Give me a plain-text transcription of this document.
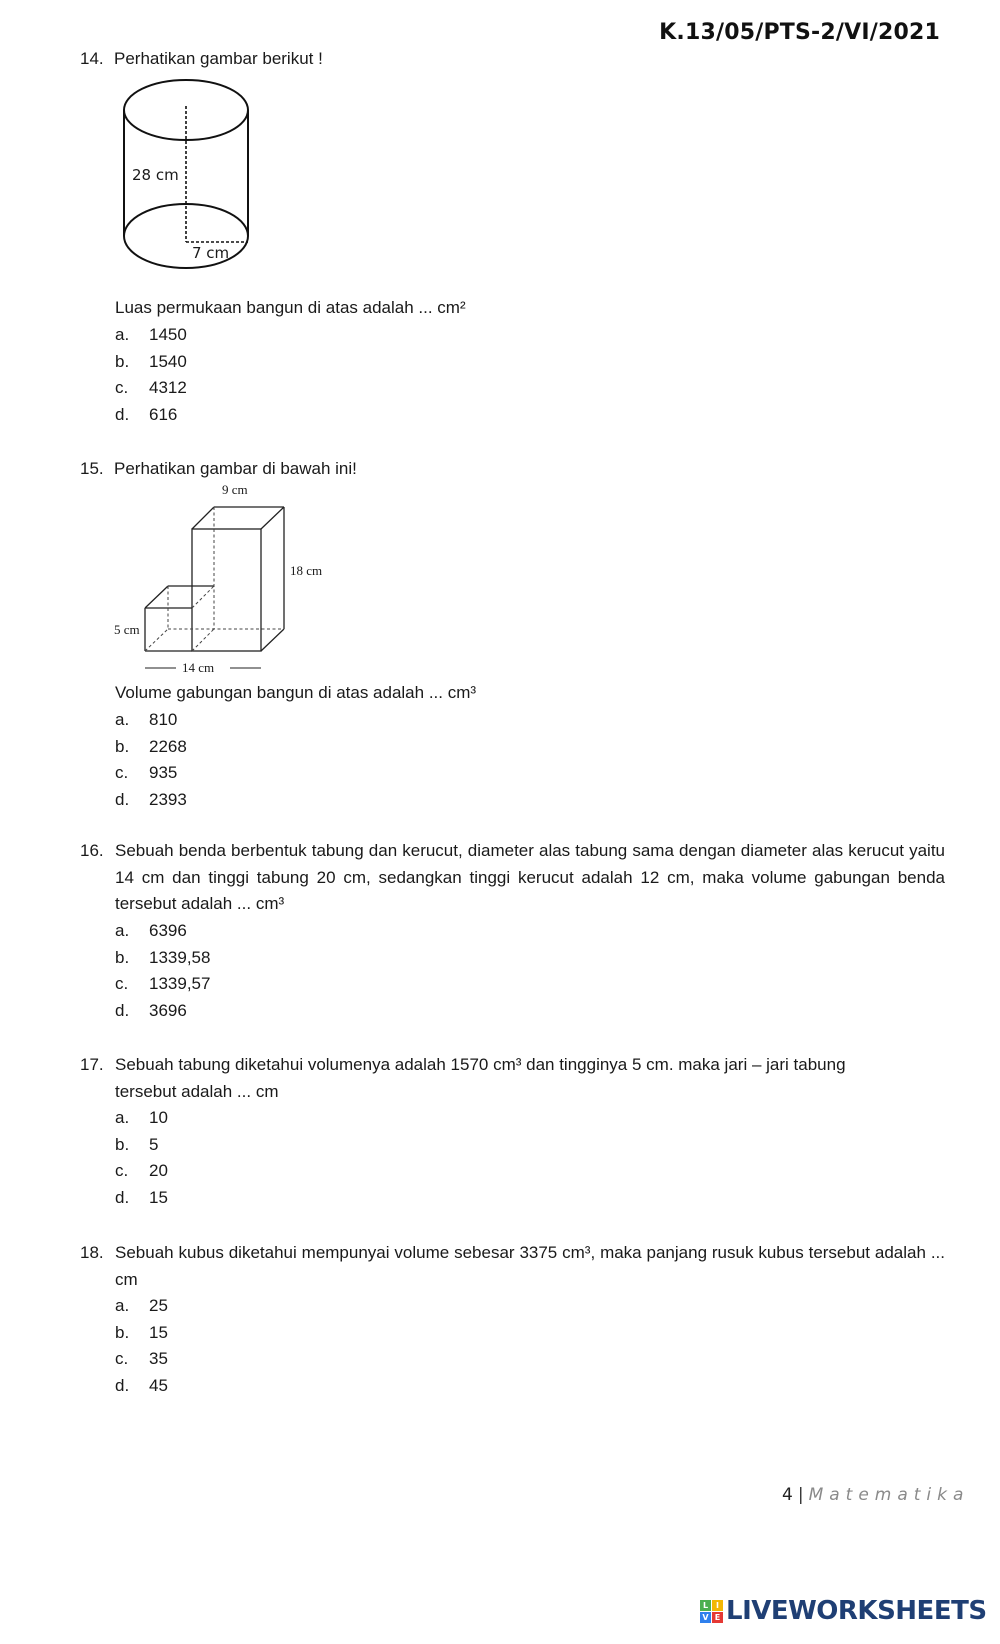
K.13/05/PTS-2/VI/2021
14. Perhatikan gambar berikut !
28 cm
7 cm
Luas permukaan bangun di atas adalah ... cm²
a. 1450
b. 1540
c. 4312
d. 616
15. Perhatikan gambar di bawah ini!
9 cm
18 cm
5 cm
14 cm
Volume gabungan bangun di atas adalah ... cm³
a. 810
b. 2268
c. 935
d. 2393
16. Sebuah benda berbentuk tabung dan kerucut, diameter alas tabung sama dengan diameter alas kerucut yaitu 14 cm dan tinggi tabung 20 cm, sedangkan tinggi kerucut adalah 12 cm, maka volume gabungan benda tersebut adalah ... cm³
a. 6396
b. 1339,58
c. 1339,57
d. 3696
17. Sebuah tabung diketahui volumenya adalah 1570 cm³ dan tingginya 5 cm. maka jari – jari tabung tersebut adalah ... cm
a. 10
b. 5
c. 20
d. 15
18. Sebuah kubus diketahui mempunyai volume sebesar 3375 cm³, maka panjang rusuk kubus tersebut adalah ... cm
a. 25
b. 15
c. 35
d. 45
4 | Matematika
L I
V E LIVEWORKSHEETS
